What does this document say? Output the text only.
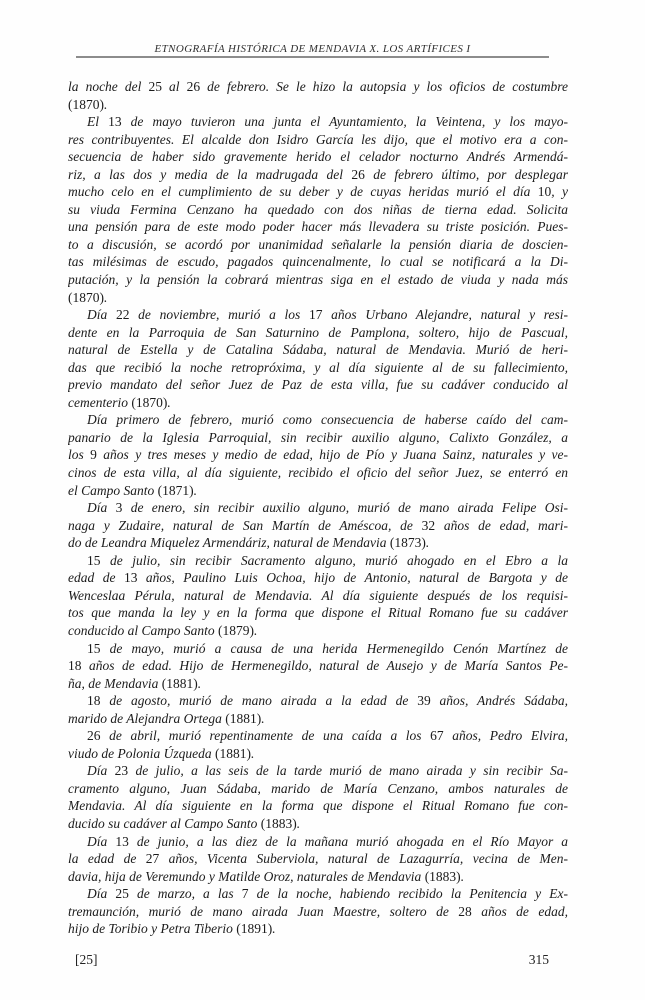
ETNOGRAFÍA HISTÓRICA DE MENDAVIA X. LOS ARTÍFICES I
la noche del 25 al 26 de febrero. Se le hizo la autopsia y los oficios de costumbre
(1870).
El 13 de mayo tuvieron una junta el Ayuntamiento, la Veintena, y los mayo-
res contribuyentes. El alcalde don Isidro García les dijo, que el motivo era a con-
secuencia de haber sido gravemente herido el celador nocturno Andrés Armendá-
riz, a las dos y media de la madrugada del 26 de febrero último, por desplegar
mucho celo en el cumplimiento de su deber y de cuyas heridas murió el día 10, y
su viuda Fermina Cenzano ha quedado con dos niñas de tierna edad. Solicita
una pensión para de este modo poder hacer más llevadera su triste posición. Pues-
to a discusión, se acordó por unanimidad señalarle la pensión diaria de doscien-
tas milésimas de escudo, pagados quincenalmente, lo cual se notificará a la Di-
putación, y la pensión la cobrará mientras siga en el estado de viuda y nada más
(1870).
Día 22 de noviembre, murió a los 17 años Urbano Alejandre, natural y resi-
dente en la Parroquia de San Saturnino de Pamplona, soltero, hijo de Pascual,
natural de Estella y de Catalina Sádaba, natural de Mendavia. Murió de heri-
das que recibió la noche retropróxima, y al día siguiente al de su fallecimiento,
previo mandato del señor Juez de Paz de esta villa, fue su cadáver conducido al
cementerio (1870).
Día primero de febrero, murió como consecuencia de haberse caído del cam-
panario de la Iglesia Parroquial, sin recibir auxilio alguno, Calixto González, a
los 9 años y tres meses y medio de edad, hijo de Pío y Juana Sainz, naturales y ve-
cinos de esta villa, al día siguiente, recibido el oficio del señor Juez, se enterró en
el Campo Santo (1871).
Día 3 de enero, sin recibir auxilio alguno, murió de mano airada Felipe Osi-
naga y Zudaire, natural de San Martín de Améscoa, de 32 años de edad, mari-
do de Leandra Miquelez Armendáriz, natural de Mendavia (1873).
15 de julio, sin recibir Sacramento alguno, murió ahogado en el Ebro a la
edad de 13 años, Paulino Luis Ochoa, hijo de Antonio, natural de Bargota y de
Wenceslaa Pérula, natural de Mendavia. Al día siguiente después de los requisi-
tos que manda la ley y en la forma que dispone el Ritual Romano fue su cadáver
conducido al Campo Santo (1879).
15 de mayo, murió a causa de una herida Hermenegildo Cenón Martínez de
18 años de edad. Hijo de Hermenegildo, natural de Ausejo y de María Santos Pe-
ña, de Mendavia (1881).
18 de agosto, murió de mano airada a la edad de 39 años, Andrés Sádaba,
marido de Alejandra Ortega (1881).
26 de abril, murió repentinamente de una caída a los 67 años, Pedro Elvira,
viudo de Polonia Úzqueda (1881).
Día 23 de julio, a las seis de la tarde murió de mano airada y sin recibir Sa-
cramento alguno, Juan Sádaba, marido de María Cenzano, ambos naturales de
Mendavia. Al día siguiente en la forma que dispone el Ritual Romano fue con-
ducido su cadáver al Campo Santo (1883).
Día 13 de junio, a las diez de la mañana murió ahogada en el Río Mayor a
la edad de 27 años, Vicenta Suberviola, natural de Lazagurría, vecina de Men-
davia, hija de Veremundo y Matilde Oroz, naturales de Mendavia (1883).
Día 25 de marzo, a las 7 de la noche, habiendo recibido la Penitencia y Ex-
tremaunción, murió de mano airada Juan Maestre, soltero de 28 años de edad,
hijo de Toribio y Petra Tiberio (1891).
[25]	315
